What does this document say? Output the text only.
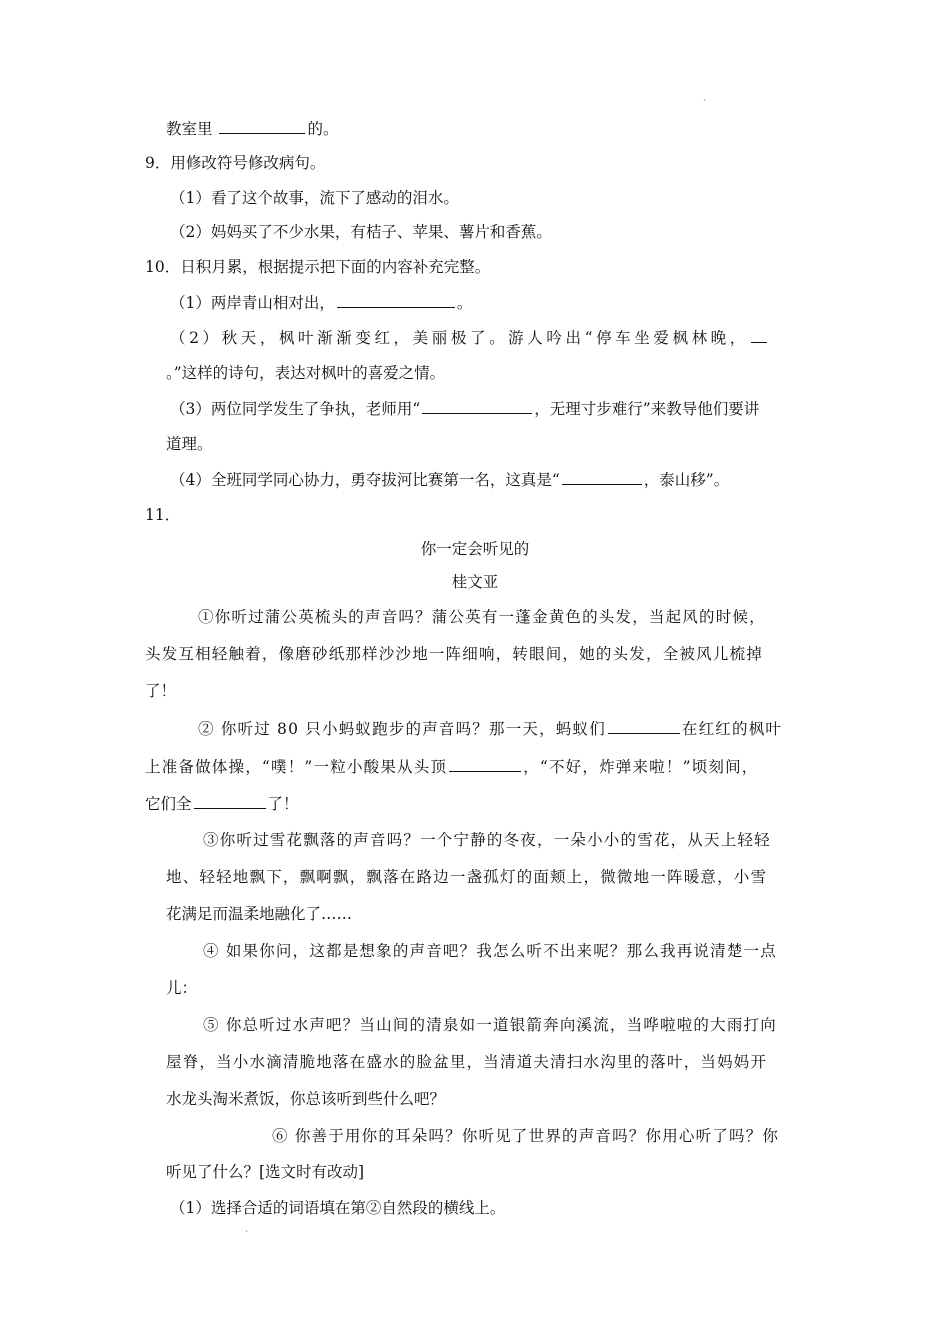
、
教室里	的。
9．用修改符号修改病句。
（1）看了这个故事，流下了感动的泪水。
（2）妈妈买了不少水果，有桔子、苹果、薯片和香蕉。
10．日积月累，根据提示把下面的内容补充完整。
（1）两岸青山相对出，	。
（2）秋天，枫叶渐渐变红，美丽极了。游人吟出“停车坐爱枫林晚，
。”这样的诗句，表达对枫叶的喜爱之情。
（3）两位同学发生了争执，老师用“	，无理寸步难行”来教导他们要讲
道理。
（4）全班同学同心协力，勇夺拔河比赛第一名，这真是“	，泰山移”。
11．
你一定会听见的
桂文亚
①你听过蒲公英梳头的声音吗？蒲公英有一蓬金黄色的头发，当起风的时候，
头发互相轻触着，像磨砂纸那样沙沙地一阵细响，转眼间，她的头发，全被风儿梳掉
了！
② 你听过 80 只小蚂蚁跑步的声音吗？那一天，蚂蚁们	在红红的枫叶
上准备做体操，“噗！”一粒小酸果从头顶	，“不好，炸弹来啦！”顷刻间，
它们全	了！
③你听过雪花飘落的声音吗？一个宁静的冬夜，一朵小小的雪花，从天上轻轻
地、轻轻地飘下，飘啊飘，飘落在路边一盏孤灯的面颊上，微微地一阵暖意，小雪
花满足而温柔地融化了……
④ 如果你问，这都是想象的声音吧？我怎么听不出来呢？那么我再说清楚一点
儿：
⑤ 你总听过水声吧？当山间的清泉如一道银箭奔向溪流，当哗啦啦的大雨打向
屋脊，当小水滴清脆地落在盛水的脸盆里，当清道夫清扫水沟里的落叶，当妈妈开
水龙头淘米煮饭，你总该听到些什么吧？
⑥ 你善于用你的耳朵吗？你听见了世界的声音吗？你用心听了吗？你
听见了什么？[选文时有改动]
（1）选择合适的词语填在第②自然段的横线上。
、
